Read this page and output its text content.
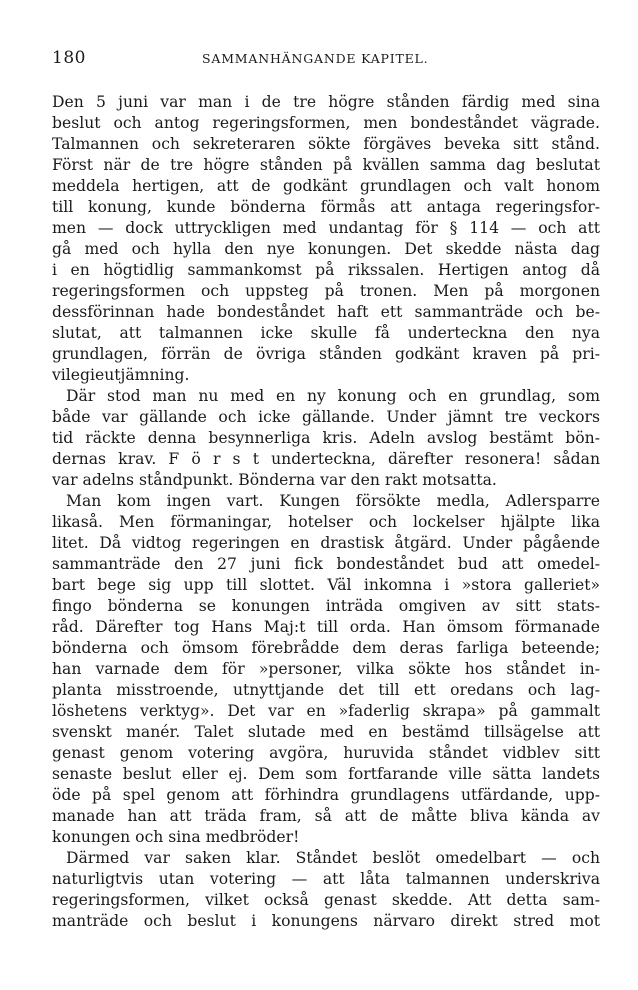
180	SAMMANHÄNGANDE KAPITEL.
Den 5 juni var man i de tre högre stånden färdig med sina
beslut och antog regeringsformen, men bondeståndet vägrade.
Talmannen och sekreteraren sökte förgäves beveka sitt stånd.
Först när de tre högre stånden på kvällen samma dag beslutat
meddela hertigen, att de godkänt grundlagen och valt honom
till konung, kunde bönderna förmås att antaga regeringsfor-
men — dock uttryckligen med undantag för § 114 — och att
gå med och hylla den nye konungen. Det skedde nästa dag
i en högtidlig sammankomst på rikssalen. Hertigen antog då
regeringsformen och uppsteg på tronen. Men på morgonen
dessförinnan hade bondeståndet haft ett sammanträde och be-
slutat, att talmannen icke skulle få underteckna den nya
grundlagen, förrän de övriga stånden godkänt kraven på pri-
vilegieutjämning.
Där stod man nu med en ny konung och en grundlag, som
både var gällande och icke gällande. Under jämnt tre veckors
tid räckte denna besynnerliga kris. Adeln avslog bestämt bön-
dernas krav. F ö r s t underteckna, därefter resonera! sådan
var adelns ståndpunkt. Bönderna var den rakt motsatta.
Man kom ingen vart. Kungen försökte medla, Adlersparre
likaså. Men förmaningar, hotelser och lockelser hjälpte lika
litet. Då vidtog regeringen en drastisk åtgärd. Under pågående
sammanträde den 27 juni fick bondeståndet bud att omedel-
bart bege sig upp till slottet. Väl inkomna i »stora galleriet»
fingo bönderna se konungen inträda omgiven av sitt stats-
råd. Därefter tog Hans Maj:t till orda. Han ömsom förmanade
bönderna och ömsom förebrådde dem deras farliga beteende;
han varnade dem för »personer, vilka sökte hos ståndet in-
planta misstroende, utnyttjande det till ett oredans och lag-
löshetens verktyg». Det var en »faderlig skrapa» på gammalt
svenskt manér. Talet slutade med en bestämd tillsägelse att
genast genom votering avgöra, huruvida ståndet vidblev sitt
senaste beslut eller ej. Dem som fortfarande ville sätta landets
öde på spel genom att förhindra grundlagens utfärdande, upp-
manade han att träda fram, så att de måtte bliva kända av
konungen och sina medbröder!
Därmed var saken klar. Ståndet beslöt omedelbart — och
naturligtvis utan votering — att låta talmannen underskriva
regeringsformen, vilket också genast skedde. Att detta sam-
manträde och beslut i konungens närvaro direkt stred mot
